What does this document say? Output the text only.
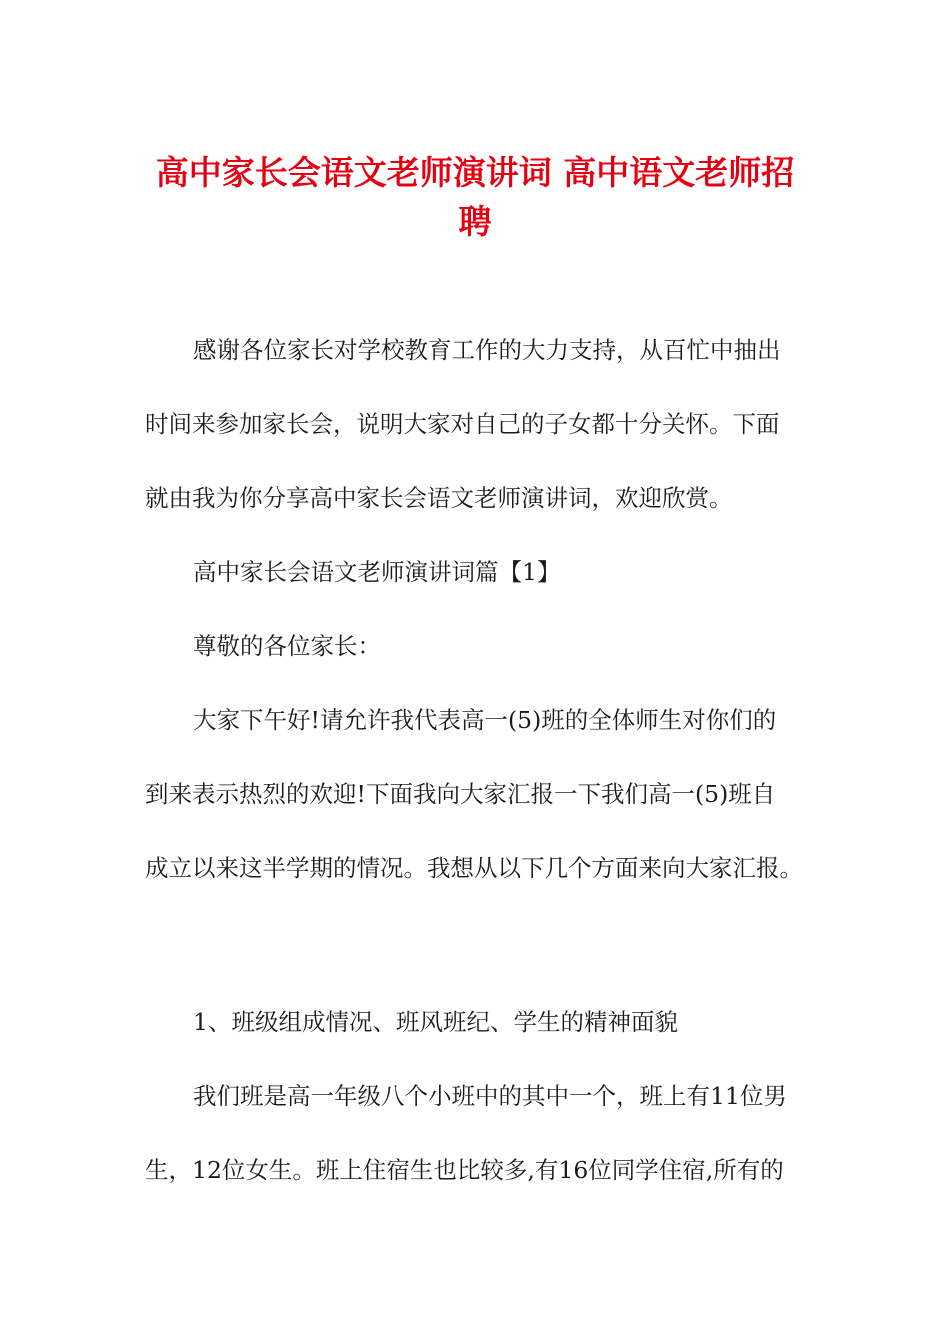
高中家长会语文老师演讲词 高中语文老师招
聘

感谢各位家长对学校教育工作的大力支持，从百忙中抽出

时间来参加家长会，说明大家对自己的子女都十分关怀。下面

就由我为你分享高中家长会语文老师演讲词，欢迎欣赏。

高中家长会语文老师演讲词篇【1】

尊敬的各位家长：

大家下午好!请允许我代表高一(5)班的全体师生对你们的

到来表示热烈的欢迎!下面我向大家汇报一下我们高一(5)班自

成立以来这半学期的情况。我想从以下几个方面来向大家汇报。

1、班级组成情况、班风班纪、学生的精神面貌

我们班是高一年级八个小班中的其中一个，班上有11位男

生，12位女生。班上住宿生也比较多,有16位同学住宿,所有的
